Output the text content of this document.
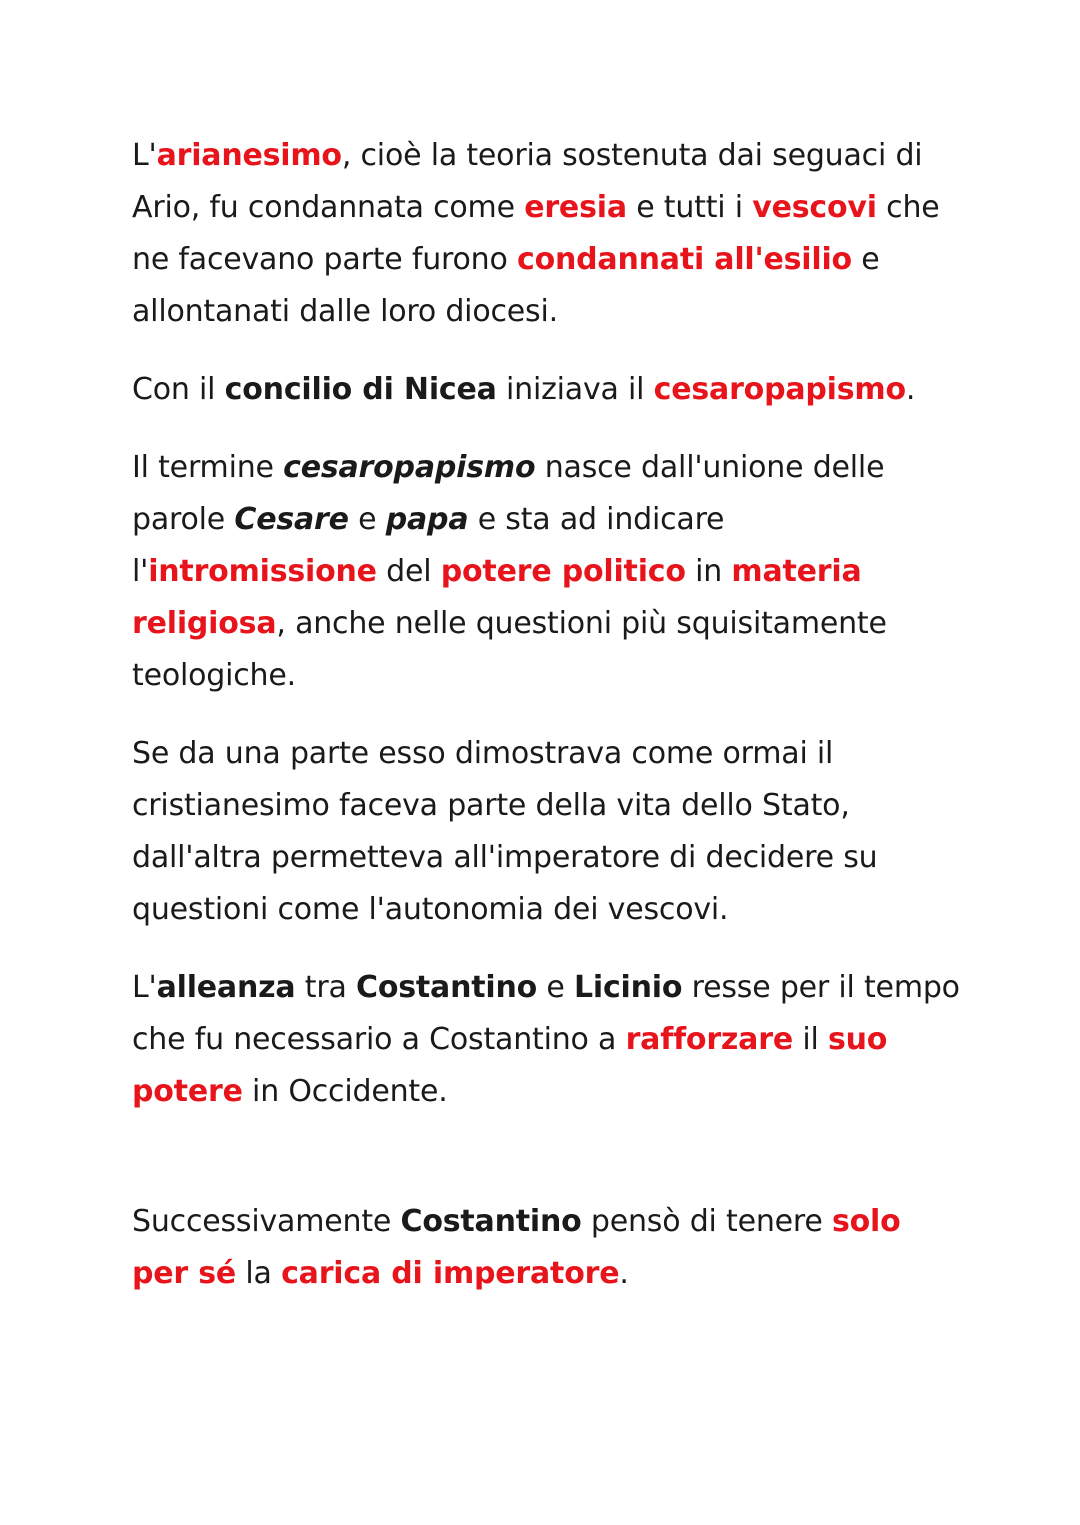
L'arianesimo, cioè la teoria sostenuta dai seguaci di Ario, fu condannata come eresia e tutti i vescovi che ne facevano parte furono condannati all'esilio e allontanati dalle loro diocesi.

Con il concilio di Nicea iniziava il cesaropapismo.

Il termine cesaropapismo nasce dall'unione delle parole Cesare e papa e sta ad indicare l'intromissione del potere politico in materia religiosa, anche nelle questioni più squisitamente teologiche.

Se da una parte esso dimostrava come ormai il cristianesimo faceva parte della vita dello Stato, dall'altra permetteva all'imperatore di decidere su questioni come l'autonomia dei vescovi.

L'alleanza tra Costantino e Licinio resse per il tempo che fu necessario a Costantino a rafforzare il suo potere in Occidente.

Successivamente Costantino pensò di tenere solo per sé la carica di imperatore.
